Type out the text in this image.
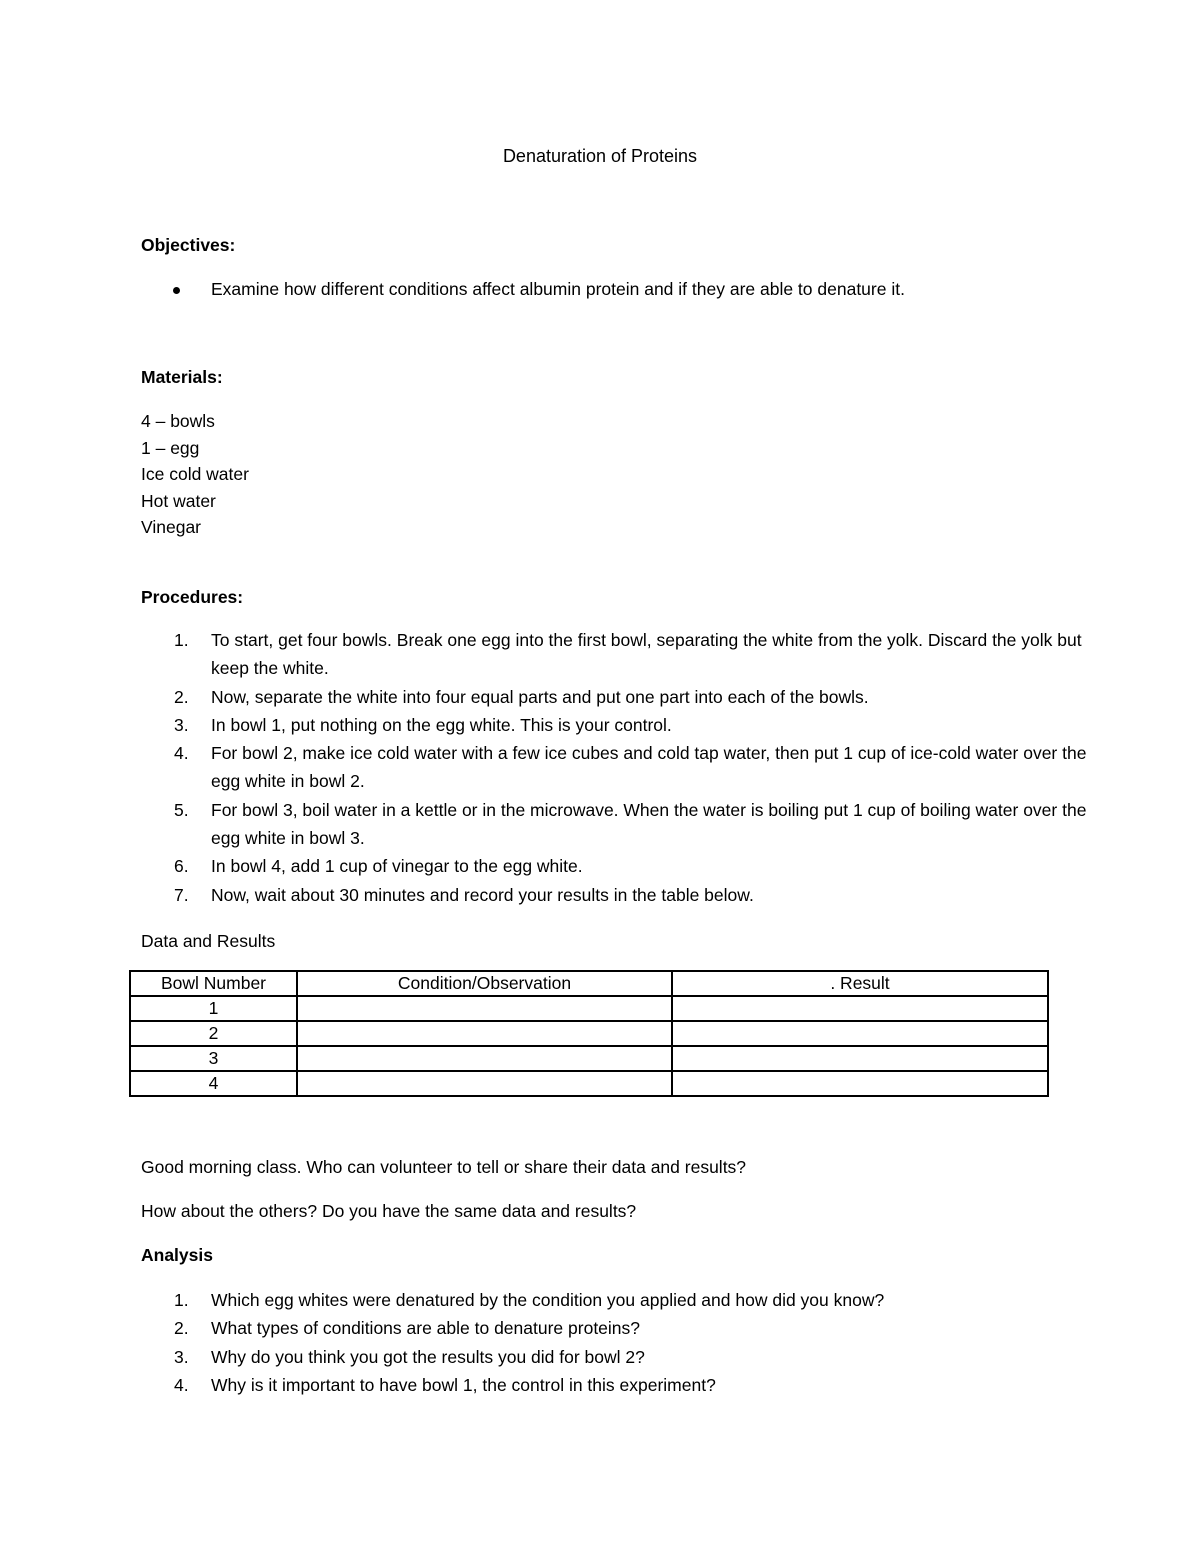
Denaturation of Proteins
Objectives:
Examine how different conditions affect albumin protein and if they are able to denature it.
Materials:
4 – bowls
1 – egg
Ice cold water
Hot water
Vinegar
Procedures:
1. To start, get four bowls. Break one egg into the first bowl, separating the white from the yolk. Discard the yolk but keep the white.
2. Now, separate the white into four equal parts and put one part into each of the bowls.
3. In bowl 1, put nothing on the egg white. This is your control.
4. For bowl 2, make ice cold water with a few ice cubes and cold tap water, then put 1 cup of ice-cold water over the egg white in bowl 2.
5. For bowl 3, boil water in a kettle or in the microwave. When the water is boiling put 1 cup of boiling water over the egg white in bowl 3.
6. In bowl 4, add 1 cup of vinegar to the egg white.
7. Now, wait about 30 minutes and record your results in the table below.
Data and Results
Bowl Number	Condition/Observation	. Result
1		
2		
3		
4		
Good morning class. Who can volunteer to tell or share their data and results?
How about the others? Do you have the same data and results?
Analysis
1. Which egg whites were denatured by the condition you applied and how did you know?
2. What types of conditions are able to denature proteins?
3. Why do you think you got the results you did for bowl 2?
4. Why is it important to have bowl 1, the control in this experiment?
